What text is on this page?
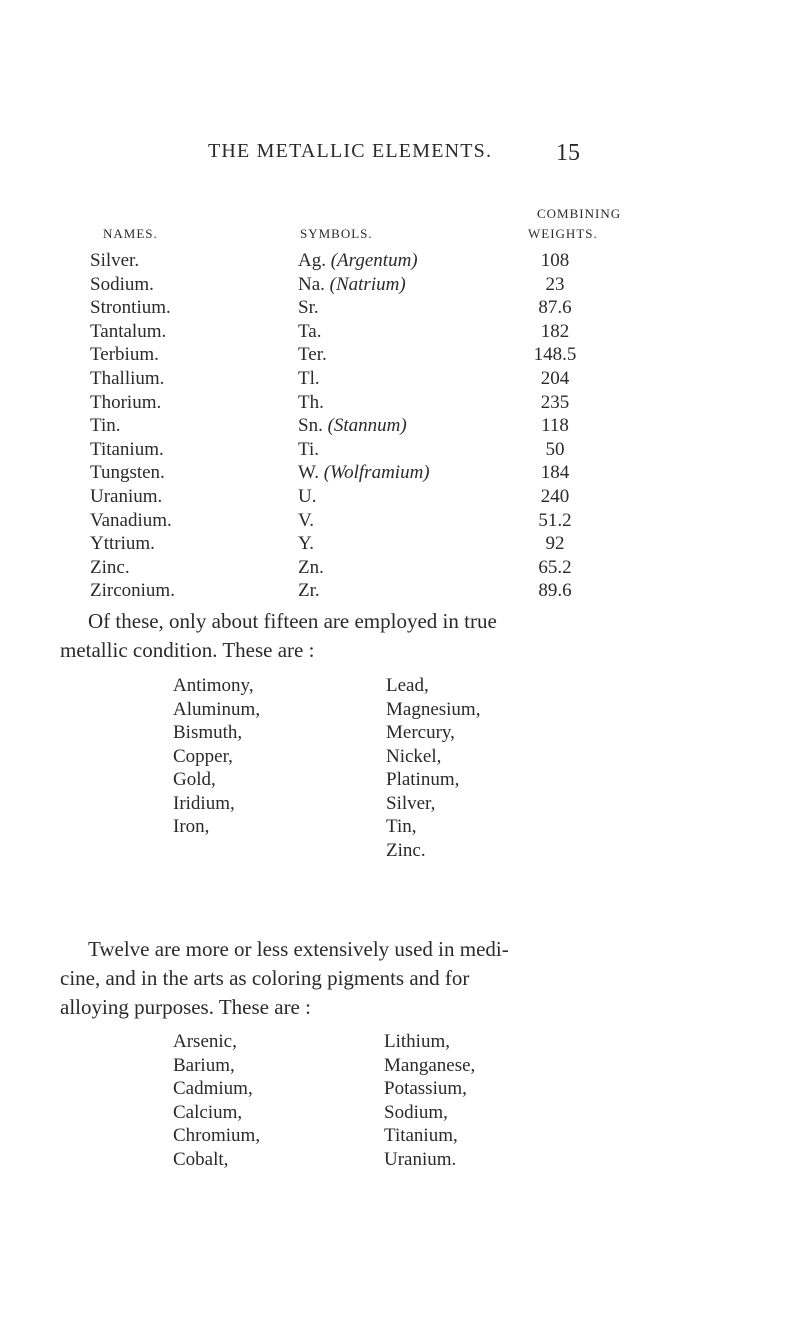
THE METALLIC ELEMENTS.	15
NAMES.	SYMBOLS.
COMBINING
WEIGHTS.
Silver.	Ag. (Argentum)	108
Sodium.	Na. (Natrium)	23
Strontium.	Sr.	87.6
Tantalum.	Ta.	182
Terbium.	Ter.	148.5
Thallium.	Tl.	204
Thorium.	Th.	235
Tin.	Sn. (Stannum)	118
Titanium.	Ti.	50
Tungsten.	W. (Wolframium)	184
Uranium.	U.	240
Vanadium.	V.	51.2
Yttrium.	Y.	92
Zinc.	Zn.	65.2
Zirconium.	Zr.	89.6
Of these, only about fifteen are employed in true
metallic condition. These are :
Antimony,
Aluminum,
Bismuth,
Copper,
Gold,
Iridium,
Iron,
Lead,
Magnesium,
Mercury,
Nickel,
Platinum,
Silver,
Tin,
Zinc.
Twelve are more or less extensively used in medi-
cine, and in the arts as coloring pigments and for
alloying purposes. These are :
Arsenic,
Barium,
Cadmium,
Calcium,
Chromium,
Cobalt,
Lithium,
Manganese,
Potassium,
Sodium,
Titanium,
Uranium.
